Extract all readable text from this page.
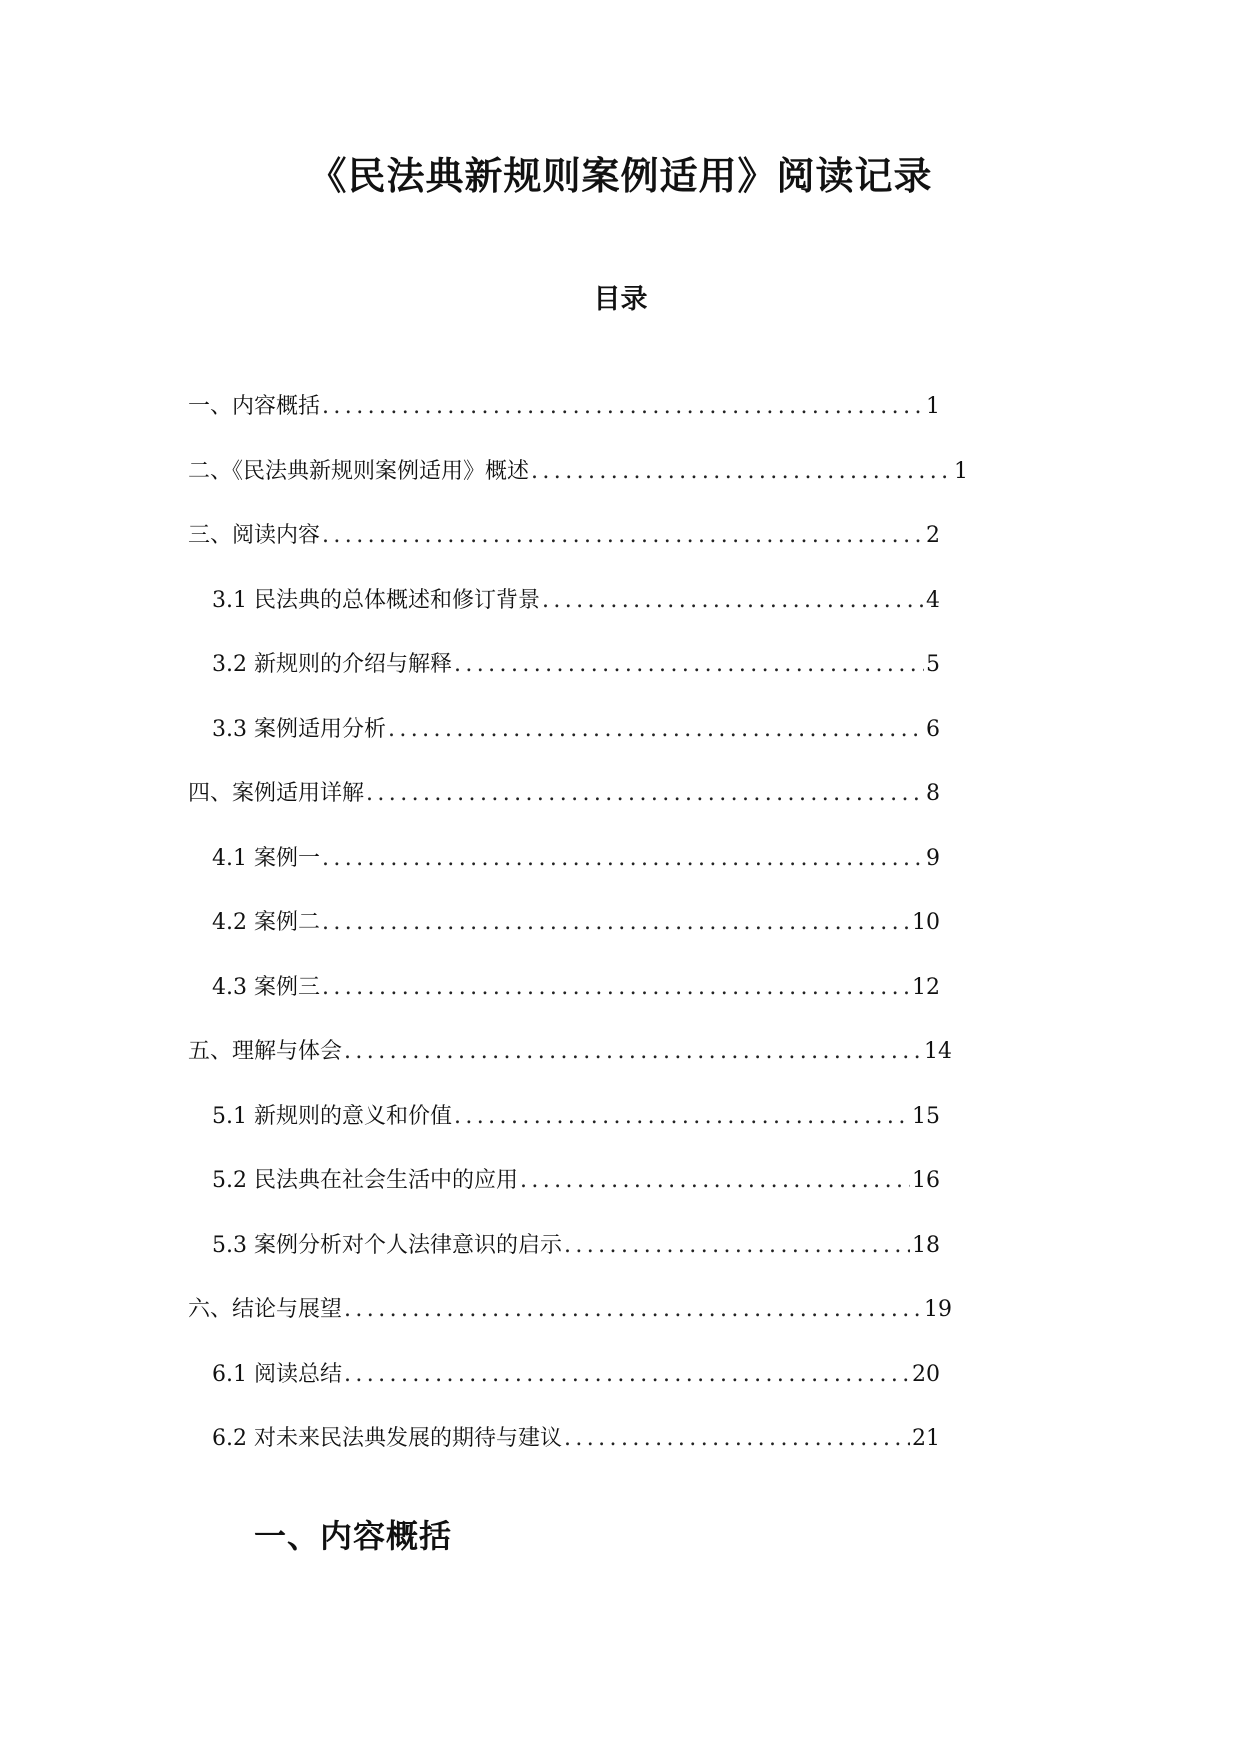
《民法典新规则案例适用》阅读记录
目录
一、内容概括 .....	1
二、《民法典新规则案例适用》概述 .....	1
三、阅读内容 .....	2
3.1 民法典的总体概述和修订背景 .....	4
3.2 新规则的介绍与解释 .....	5
3.3 案例适用分析 .....	6
四、案例适用详解 .....	8
4.1 案例一 .....	9
4.2 案例二 .....	10
4.3 案例三 .....	12
五、理解与体会 .....	14
5.1 新规则的意义和价值 .....	15
5.2 民法典在社会生活中的应用 .....	16
5.3 案例分析对个人法律意识的启示 .....	18
六、结论与展望 .....	19
6.1 阅读总结 .....	20
6.2 对未来民法典发展的期待与建议 .....	21
一、内容概括
